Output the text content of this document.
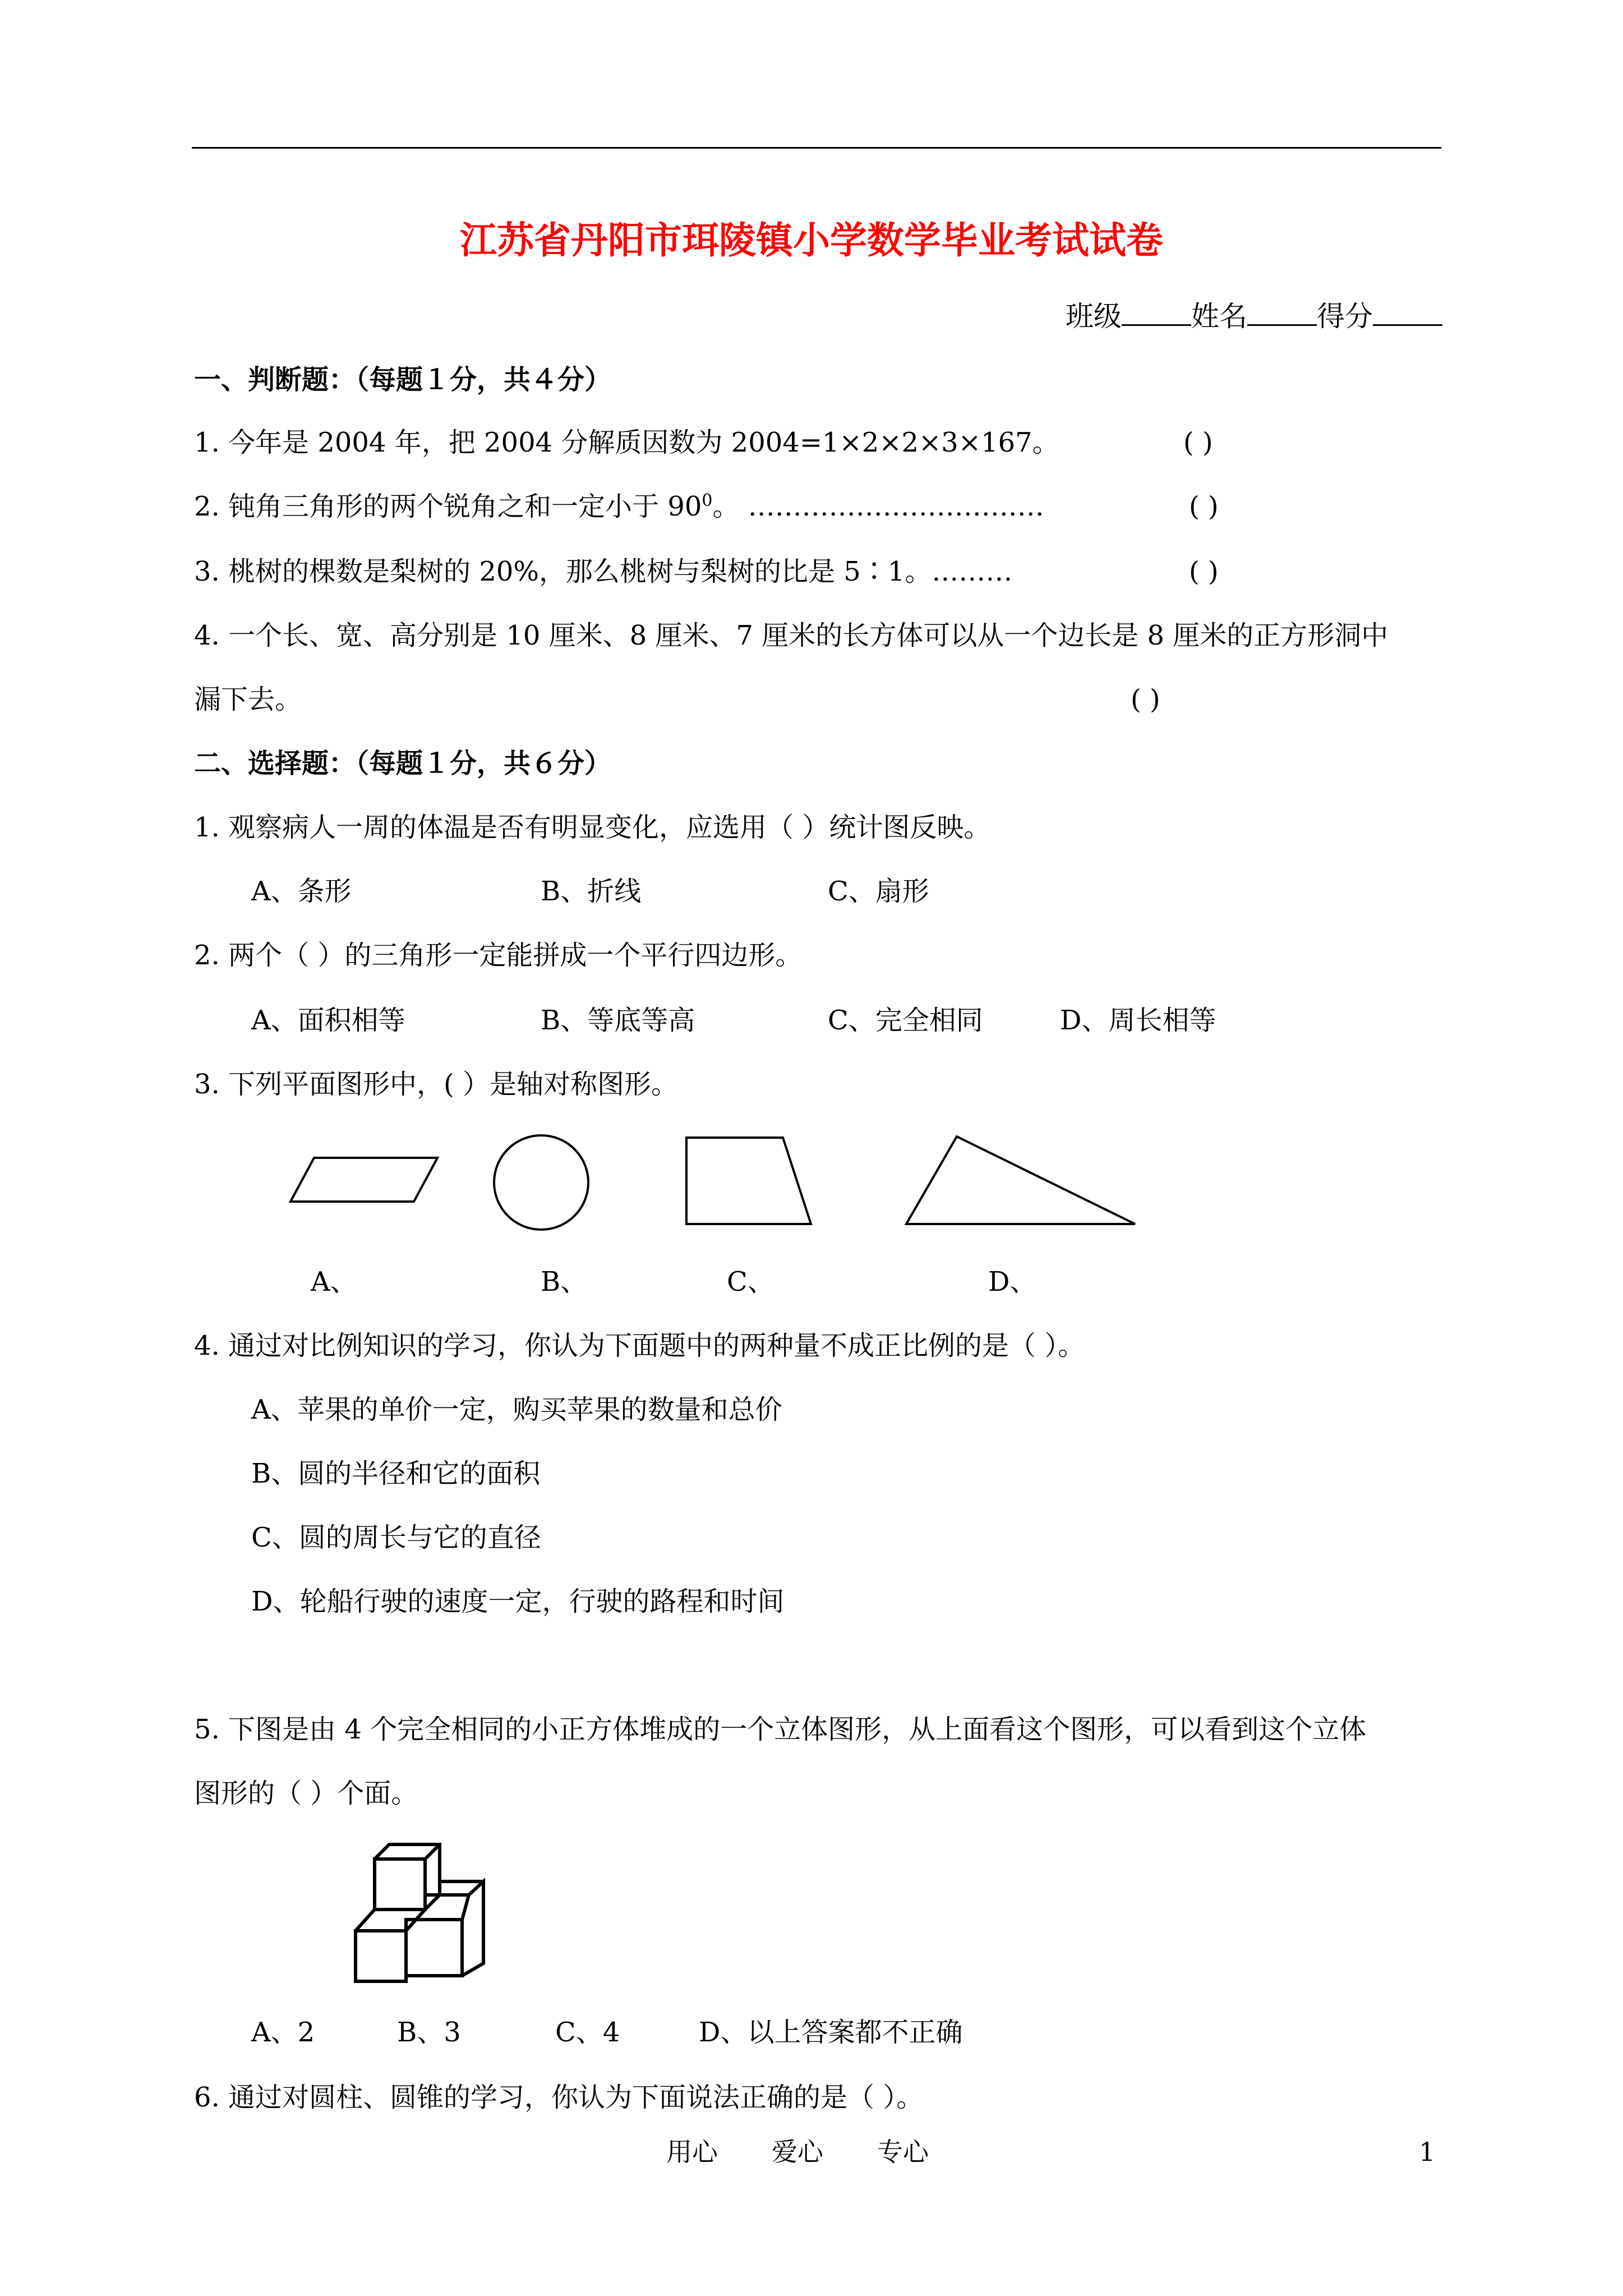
江苏省丹阳市珥陵镇小学数学毕业考试试卷
班级 姓名 得分
一、判断题：（每题１分，共４分）
1. 今年是 2004 年，把 2004 分解质因数为 2004=1×2×2×3×167。	( )
2. 钝角三角形的两个锐角之和一定小于 $90^0$。 ……………………………	( )
3. 桃树的棵数是梨树的 20%，那么桃树与梨树的比是 5∶1。………	( )
4. 一个长、宽、高分别是 10 厘米、8 厘米、7 厘米的长方体可以从一个边长是 8 厘米的正方形洞中
漏下去。	( )
二、选择题：（每题１分，共６分）
1. 观察病人一周的体温是否有明显变化，应选用（ ）统计图反映。
A、条形	B、折线	C、扇形
2. 两个（ ）的三角形一定能拼成一个平行四边形。
A、面积相等	B、等底等高	C、完全相同	D、周长相等
3. 下列平面图形中，( ）是轴对称图形。
A、	B、	C、	D、
4. 通过对比例知识的学习，你认为下面题中的两种量不成正比例的是（ ）。
A、苹果的单价一定，购买苹果的数量和总价
B、圆的半径和它的面积
C、圆的周长与它的直径
D、轮船行驶的速度一定，行驶的路程和时间
5. 下图是由 4 个完全相同的小正方体堆成的一个立体图形，从上面看这个图形，可以看到这个立体
图形的（ ）个面。
A、2	B、3	C、4	D、以上答案都不正确
6. 通过对圆柱、圆锥的学习，你认为下面说法正确的是（ ）。
用心 爱心 专心	1
